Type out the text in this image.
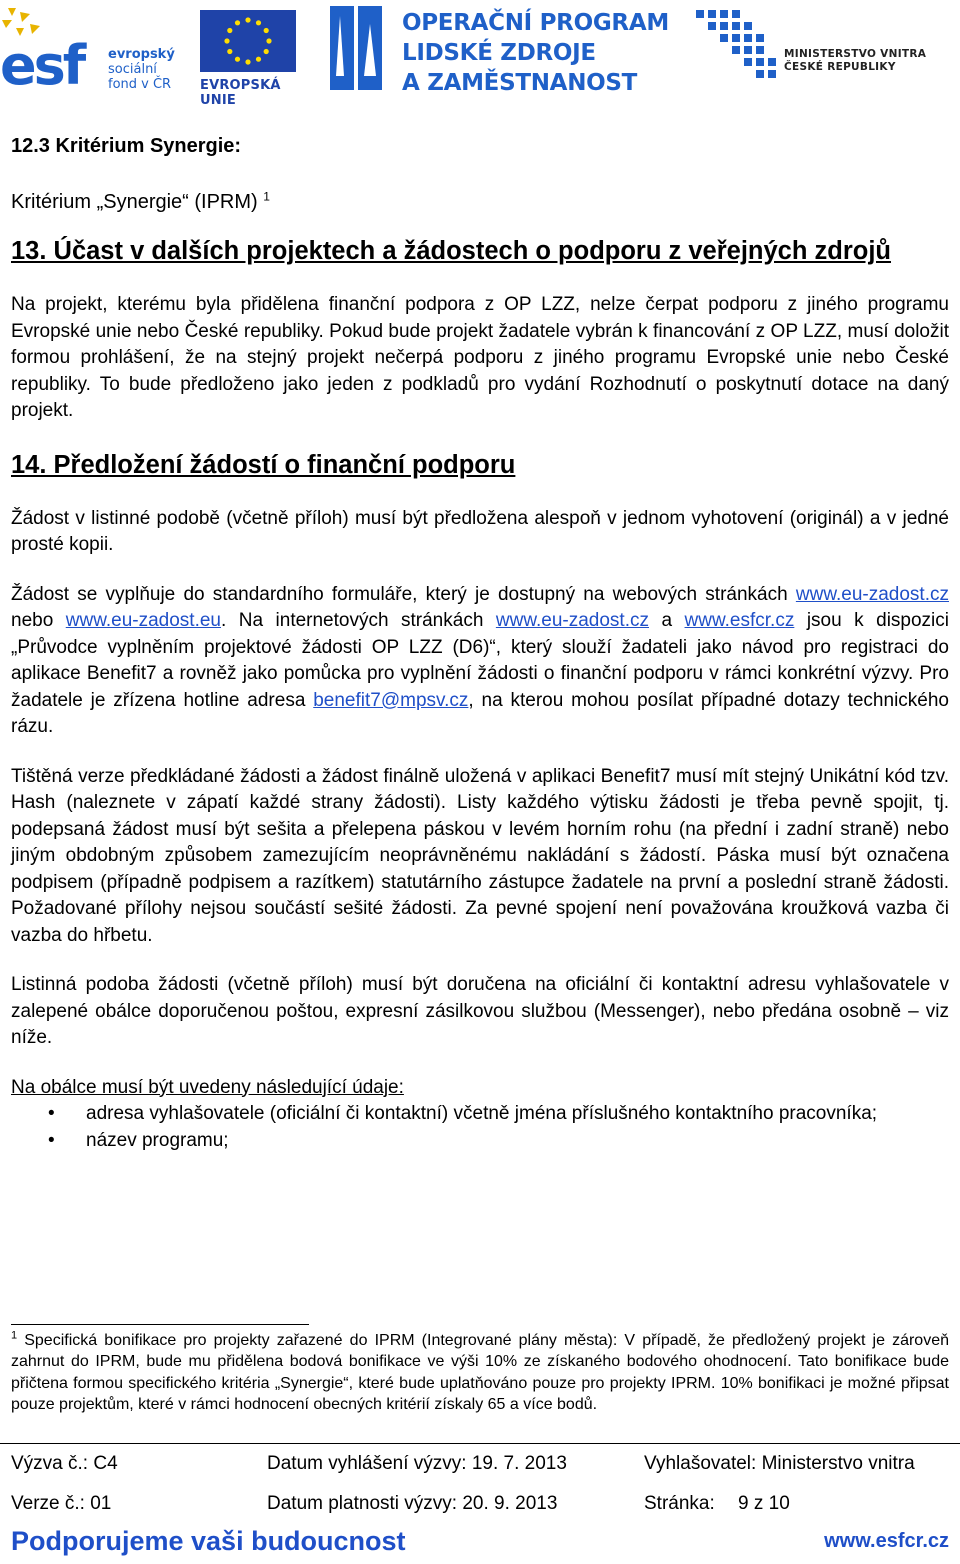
esf evropský
sociální
fond v ČR EVROPSKÁ UNIE
OPERAČNÍ PROGRAM
LIDSKÉ ZDROJE
A ZAMĚSTNANOST
MINISTERSTVO VNITRA
ČESKÉ REPUBLIKY
12.3 Kritérium Synergie:
Kritérium „Synergie“ (IPRM) $^1$
13. Účast v dalších projektech a žádostech o podporu z veřejných zdrojů

Na projekt, kterému byla přidělena finanční podpora z OP LZZ, nelze čerpat podporu z jiného programu Evropské unie nebo České republiky. Pokud bude projekt žadatele vybrán k financování z OP LZZ, musí doložit formou prohlášení, že na stejný projekt nečerpá podporu z jiného programu Evropské unie nebo České republiky. To bude předloženo jako jeden z podkladů pro vydání Rozhodnutí o poskytnutí dotace na daný projekt.

14. Předložení žádostí o finanční podporu

Žádost v listinné podobě (včetně příloh) musí být předložena alespoň v jednom vyhotovení (originál) a v jedné prosté kopii.

Žádost se vyplňuje do standardního formuláře, který je dostupný na webových stránkách www.eu-zadost.cz nebo www.eu-zadost.eu. Na internetových stránkách www.eu-zadost.cz a www.esfcr.cz jsou k dispozici „Průvodce vyplněním projektové žádosti OP LZZ (D6)“, který slouží žadateli jako návod pro registraci do aplikace Benefit7 a rovněž jako pomůcka pro vyplnění žádosti o finanční podporu v rámci konkrétní výzvy. Pro žadatele je zřízena hotline adresa benefit7@mpsv.cz, na kterou mohou posílat případné dotazy technického rázu.

Tištěná verze předkládané žádosti a žádost finálně uložená v aplikaci Benefit7 musí mít stejný Unikátní kód tzv. Hash (naleznete v zápatí každé strany žádosti). Listy každého výtisku žádosti je třeba pevně spojit, tj. podepsaná žádost musí být sešita a přelepena páskou v levém horním rohu (na přední i zadní straně) nebo jiným obdobným způsobem zamezujícím neoprávněnému nakládání s žádostí. Páska musí být označena podpisem (případně podpisem a razítkem) statutárního zástupce žadatele na první a poslední straně žádosti. Požadované přílohy nejsou součástí sešité žádosti. Za pevné spojení není považována kroužková vazba či vazba do hřbetu.

Listinná podoba žádosti (včetně příloh) musí být doručena na oficiální či kontaktní adresu vyhlašovatele v zalepené obálce doporučenou poštou, expresní zásilkovou službou (Messenger), nebo předána osobně – viz níže.

Na obálce musí být uvedeny následující údaje:

• adresa vyhlašovatele (oficiální či kontaktní) včetně jména příslušného kontaktního pracovníka;
• název programu;
$^1$ Specifická bonifikace pro projekty zařazené do IPRM (Integrované plány města): V případě, že předložený projekt je zároveň zahrnut do IPRM, bude mu přidělena bodová bonifikace ve výši 10% ze získaného bodového ohodnocení. Tato bonifikace bude přičtena formou specifického kritéria „Synergie“, které bude uplatňováno pouze pro projekty IPRM. 10% bonifikaci je možné připsat pouze projektům, které v rámci hodnocení obecných kritérií získaly 65 a více bodů.
Výzva č.: C4	Datum vyhlášení výzvy: 19. 7. 2013	Vyhlašovatel: Ministerstvo vnitra
Verze č.: 01	Datum platnosti výzvy: 20. 9. 2013	Stránka: 9 z 10
Podporujeme vaši budoucnost	www.esfcr.cz
